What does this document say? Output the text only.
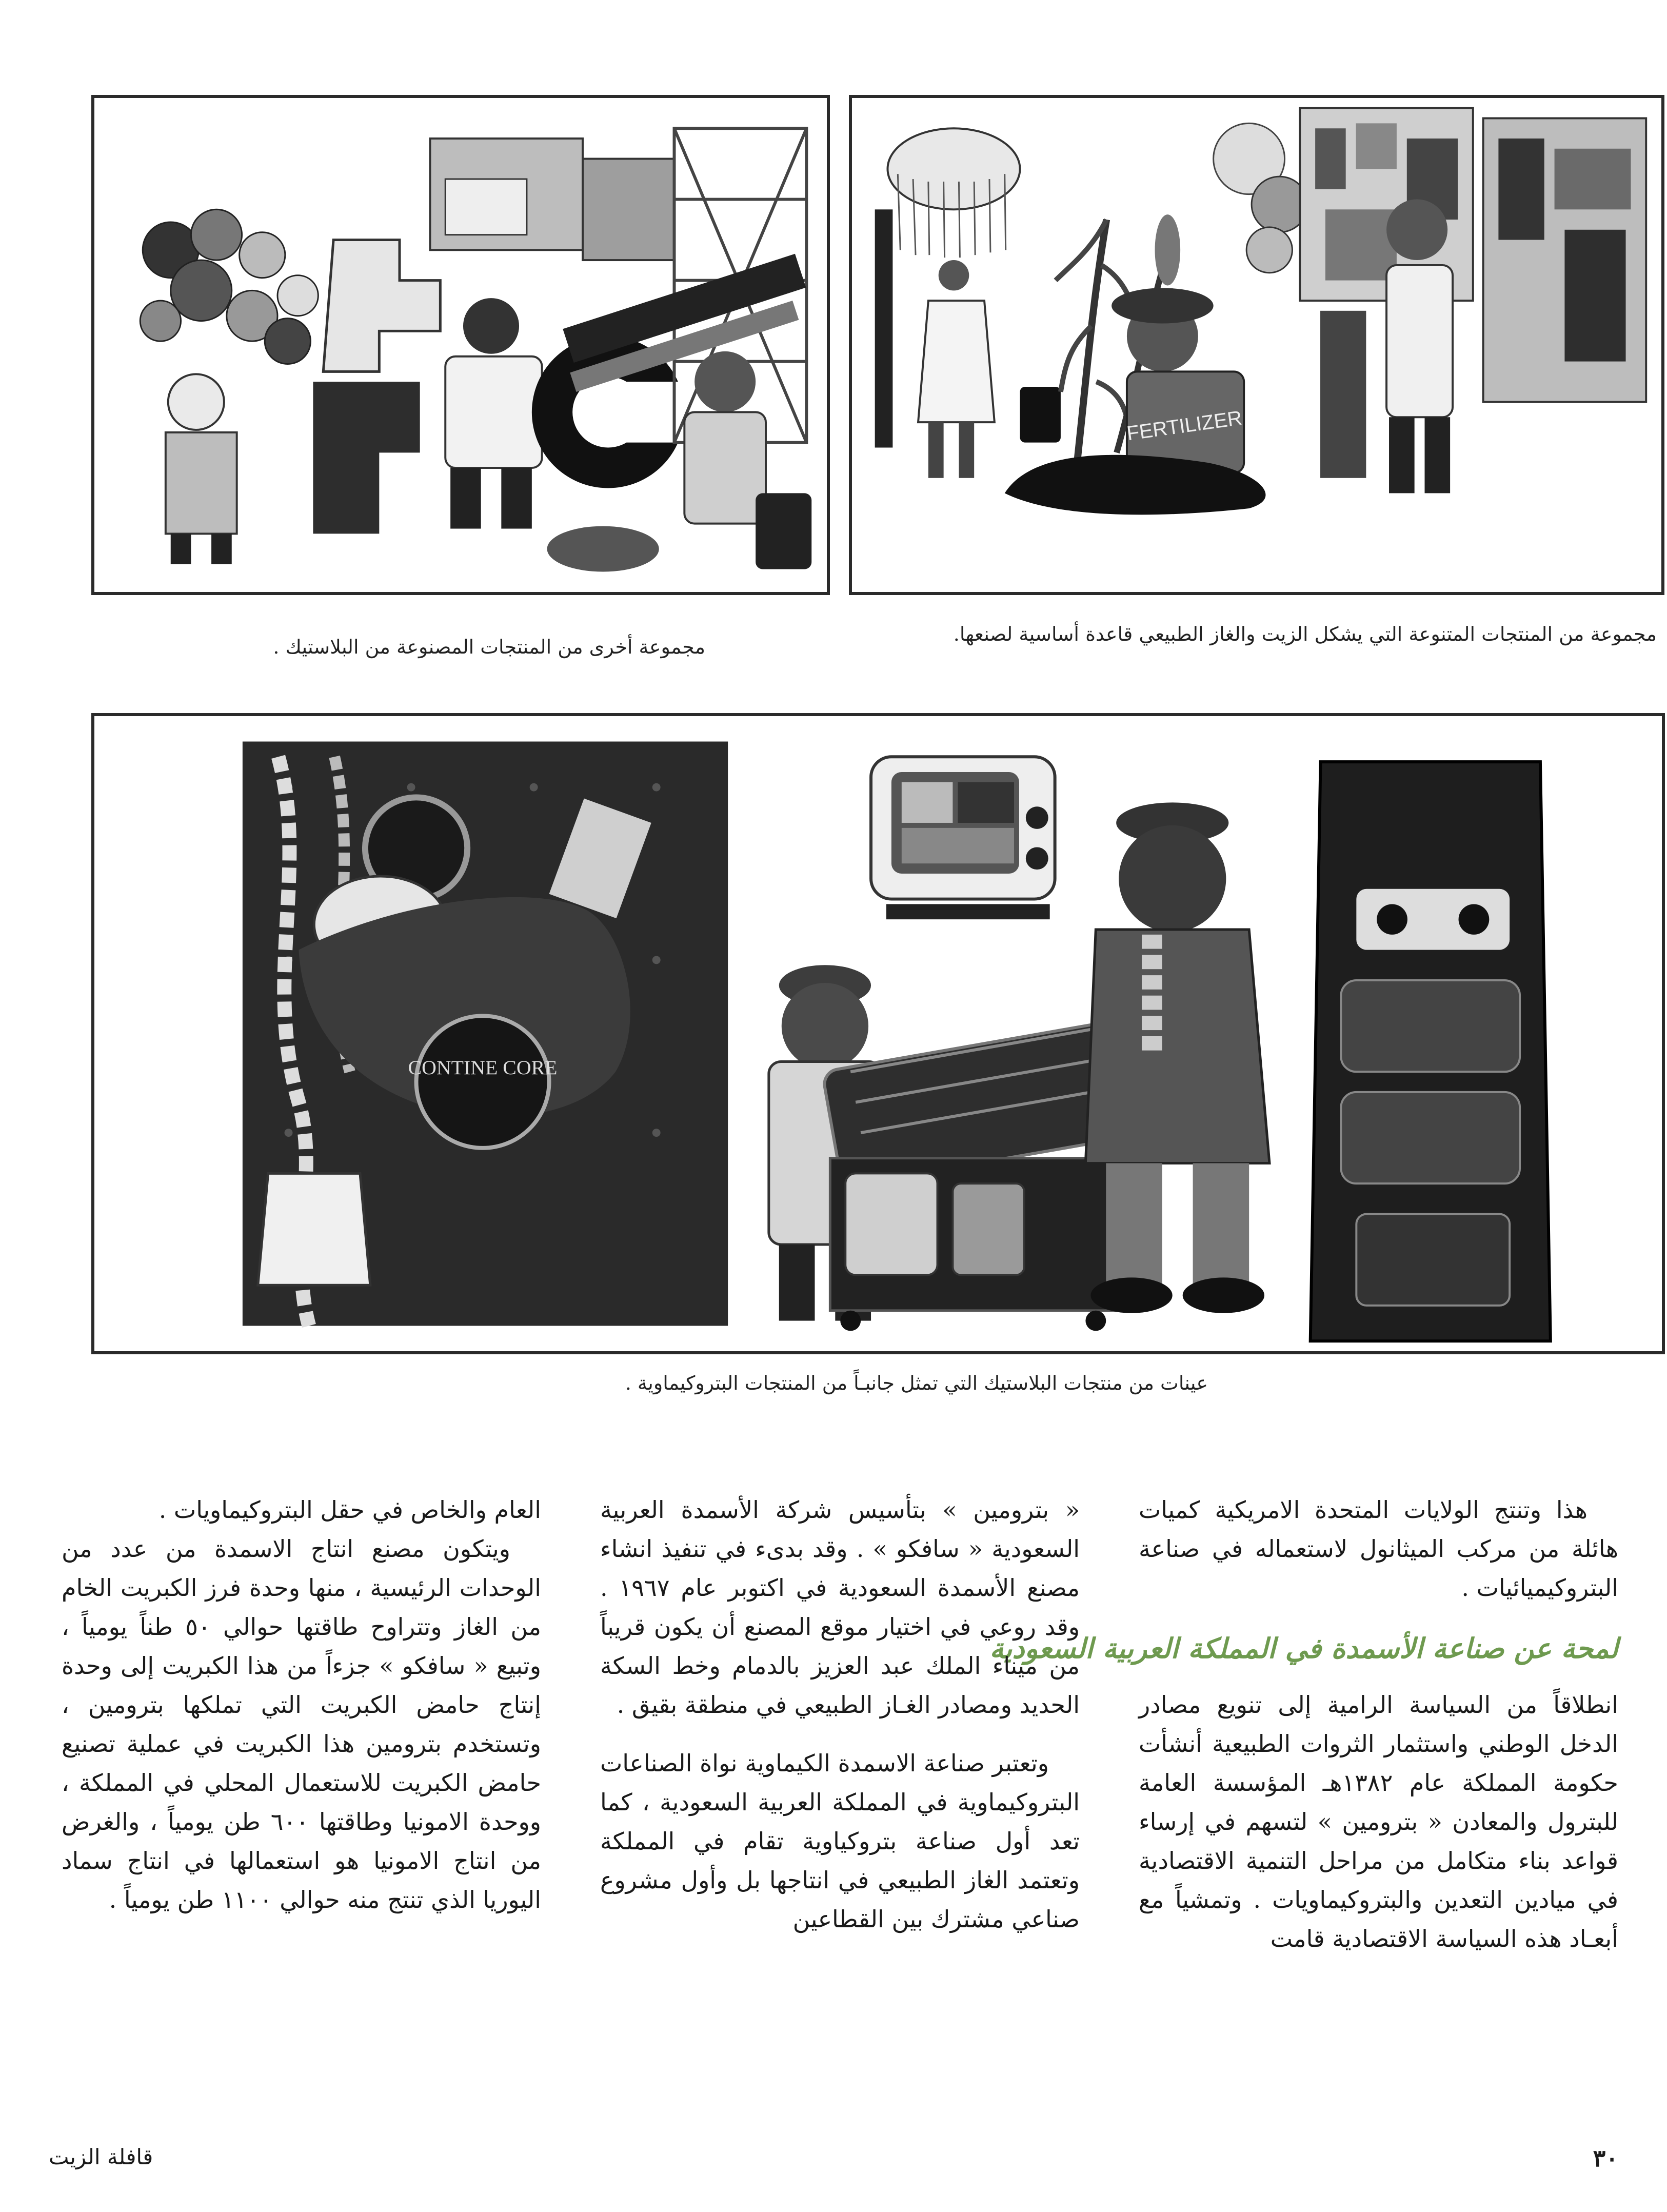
FERTILIZER
مجموعة من المنتجات المتنوعة التي يشكل الزيت والغاز الطبيعي قاعدة أساسية لصنعها.
مجموعة أخرى من المنتجات المصنوعة من البلاستيك .
CONTINE CORE
عينات من منتجات البلاستيك التي تمثل جانبـاً من المنتجات البتروكيماوية .

هذا وتنتج الولايات المتحدة الامريكية كميات هائلة من مركب الميثانول لاستعماله في صناعة البتروكيميائيات .

لمحة عن صناعة الأسمدة في المملكة العربية السعودية

انطلاقاً من السياسة الرامية إلى تنويع مصادر الدخل الوطني واستثمار الثروات الطبيعية أنشأت حكومة المملكة عام ١٣٨٢هـ المؤسسة العامة للبترول والمعادن « بترومين » لتسهم في إرساء قواعد بناء متكامل من مراحل التنمية الاقتصادية في ميادين التعدين والبتروكيماويات . وتمشياً مع أبعـاد هذه السياسة الاقتصادية قامت

« بترومين » بتأسيس شركة الأسمدة العربية السعودية « سافكو » . وقد بدىء في تنفيذ انشاء مصنع الأسمدة السعودية في اكتوبر عام ١٩٦٧ . وقد روعي في اختيار موقع المصنع أن يكون قريباً من ميناء الملك عبد العزيز بالدمام وخط السكة الحديد ومصادر الغـاز الطبيعي في منطقة بقيق .

وتعتبر صناعة الاسمدة الكيماوية نواة الصناعات البتروكيماوية في المملكة العربية السعودية ، كما تعد أول صناعة بتروكياوية تقام في المملكة وتعتمد الغاز الطبيعي في انتاجها بل وأول مشروع صناعي مشترك بين القطاعين

العام والخاص في حقل البتروكيماويات .

ويتكون مصنع انتاج الاسمدة من عدد من الوحدات الرئيسية ، منها وحدة فرز الكبريت الخام من الغاز وتتراوح طاقتها حوالي ٥٠ طناً يومياً ، وتبيع « سافكو » جزءاً من هذا الكبريت إلى وحدة إنتاج حامض الكبريت التي تملكها بترومين ، وتستخدم بترومين هذا الكبريت في عملية تصنيع حامض الكبريت للاستعمال المحلي في المملكة ، ووحدة الامونيا وطاقتها ٦٠٠ طن يومياً ، والغرض من انتاج الامونيا هو استعمالها في انتاج سماد اليوريا الذي تنتج منه حوالي ١١٠٠ طن يومياً .

٣٠
قافلة الزيت
